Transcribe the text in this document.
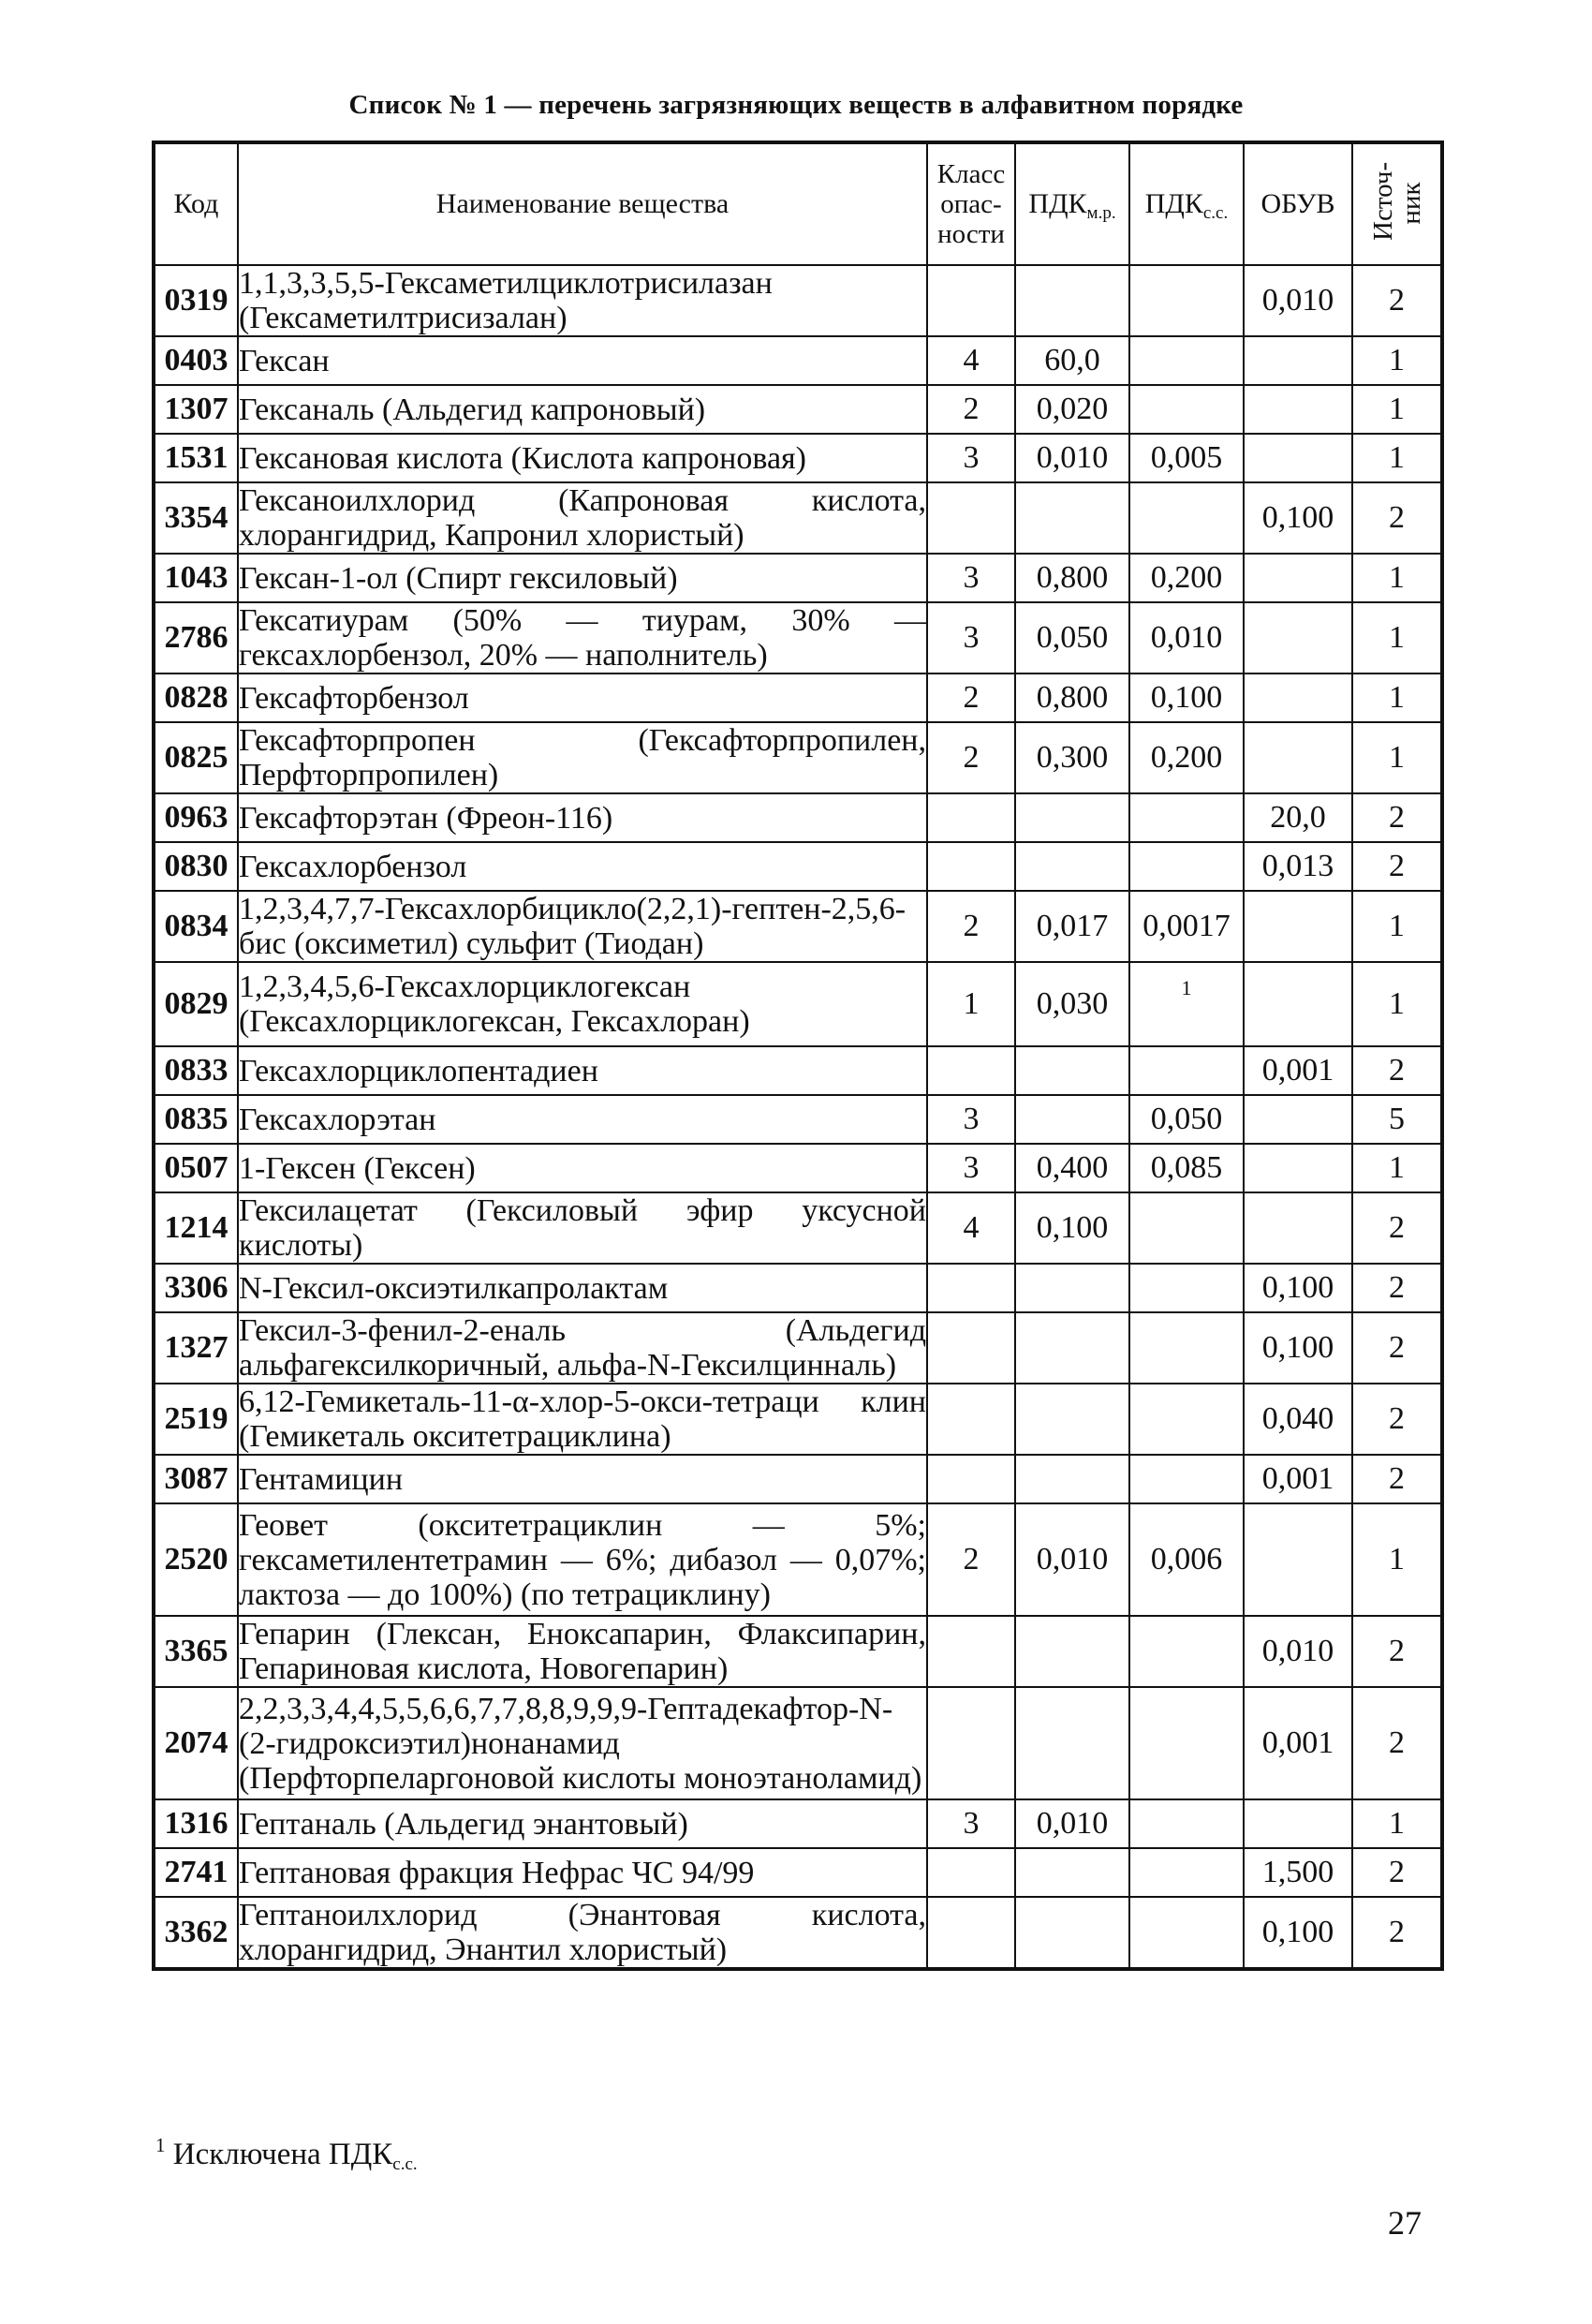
Список № 1 — перечень загрязняющих веществ в алфавитном порядке
Код	Наименование вещества	Класс опас- ности	$ПДК_{м.р.}$	$ПДК_{с.с.}$	ОБУВ	Источ- ник
0319	1,1,3,3,5,5-Гексаметилциклотрисилазан (Гексаметилтрисизалан)				0,010	2
0403	Гексан	4	60,0			1
1307	Гексаналь (Альдегид капроновый)	2	0,020			1
1531	Гексановая кислота (Кислота капроновая)	3	0,010	0,005		1
3354	Гексаноилхлорид (Капроновая кислота, хлорангидрид, Капронил хлористый)				0,100	2
1043	Гексан-1-ол (Спирт гексиловый)	3	0,800	0,200		1
2786	Гексатиурам (50% — тиурам, 30% — гексахлорбензол, 20% — наполнитель)	3	0,050	0,010		1
0828	Гексафторбензол	2	0,800	0,100		1
0825	Гексафторпропен (Гексафторпропилен, Перфторпропилен)	2	0,300	0,200		1
0963	Гексафторэтан (Фреон-116)				20,0	2
0830	Гексахлорбензол				0,013	2
0834	1,2,3,4,7,7-Гексахлорбицикло(2,2,1)-гептен-2,5,6-бис (оксиметил) сульфит (Тиодан)	2	0,017	0,0017		1
0829	1,2,3,4,5,6-Гексахлорциклогексан (Гексахлорциклогексан, Гексахлоран)	1	0,030	1		1
0833	Гексахлорциклопентадиен				0,001	2
0835	Гексахлорэтан	3		0,050		5
0507	1-Гексен (Гексен)	3	0,400	0,085		1
1214	Гексилацетат (Гексиловый эфир уксусной кислоты)	4	0,100			2
3306	N-Гексил-оксиэтилкапролактам				0,100	2
1327	Гексил-3-фенил-2-еналь (Альдегид альфагексилкоричный, альфа-N-Гексилцинналь)				0,100	2
2519	6,12-Гемикеталь-11-α-хлор-5-окси-тетраци клин (Гемикеталь окситетрациклина)				0,040	2
3087	Гентамицин				0,001	2
2520	Геовет (окситетрациклин — 5%; гексаметилентетрамин — 6%; дибазол — 0,07%; лактоза — до 100%) (по тетрациклину)	2	0,010	0,006		1
3365	Гепарин (Глексан, Еноксапарин, Флаксипарин, Гепариновая кислота, Новогепарин)				0,010	2
2074	2,2,3,3,4,4,5,5,6,6,7,7,8,8,9,9,9-Гептадекафтор-N-(2-гидроксиэтил)нонанамид (Перфторпеларгоновой кислоты моноэтаноламид)				0,001	2
1316	Гептаналь (Альдегид энантовый)	3	0,010			1
2741	Гептановая фракция Нефрас ЧС 94/99				1,500	2
3362	Гептаноилхлорид (Энантовая кислота, хлорангидрид, Энантил хлористый)				0,100	2
$^1$ Исключена $ПДК_{с.с.}$
27
